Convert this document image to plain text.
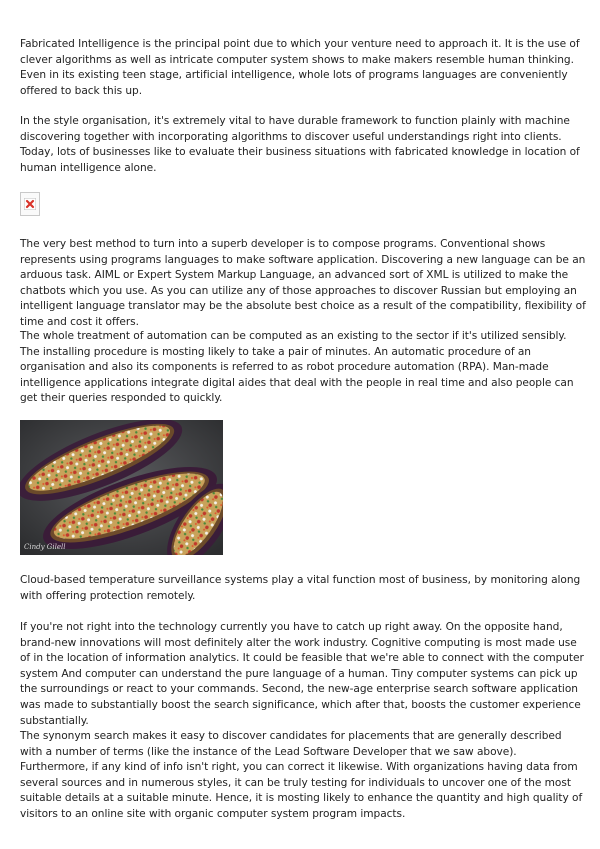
Fabricated Intelligence is the principal point due to which your venture need to approach it. It is the use of clever algorithms as well as intricate computer system shows to make makers resemble human thinking. Even in its existing teen stage, artificial intelligence, whole lots of programs languages are conveniently offered to back this up.

In the style organisation, it's extremely vital to have durable framework to function plainly with machine discovering together with incorporating algorithms to discover useful understandings right into clients. Today, lots of businesses like to evaluate their business situations with fabricated knowledge in location of human intelligence alone.

The very best method to turn into a superb developer is to compose programs. Conventional shows represents using programs languages to make software application. Discovering a new language can be an arduous task. AIML or Expert System Markup Language, an advanced sort of XML is utilized to make the chatbots which you use. As you can utilize any of those approaches to discover Russian but employing an intelligent language translator may be the absolute best choice as a result of the compatibility, flexibility of time and cost it offers.

The whole treatment of automation can be computed as an existing to the sector if it's utilized sensibly. The installing procedure is mosting likely to take a pair of minutes. An automatic procedure of an organisation and also its components is referred to as robot procedure automation (RPA). Man-made intelligence applications integrate digital aides that deal with the people in real time and also people can get their queries responded to quickly.

Cindy Gilell

Cloud-based temperature surveillance systems play a vital function most of business, by monitoring along with offering protection remotely.

If you're not right into the technology currently you have to catch up right away. On the opposite hand, brand-new innovations will most definitely alter the work industry. Cognitive computing is most made use of in the location of information analytics. It could be feasible that we're able to connect with the computer system And computer can understand the pure language of a human. Tiny computer systems can pick up the surroundings or react to your commands. Second, the new-age enterprise search software application was made to substantially boost the search significance, which after that, boosts the customer experience substantially.

The synonym search makes it easy to discover candidates for placements that are generally described with a number of terms (like the instance of the Lead Software Developer that we saw above). Furthermore, if any kind of info isn't right, you can correct it likewise. With organizations having data from several sources and in numerous styles, it can be truly testing for individuals to uncover one of the most suitable details at a suitable minute. Hence, it is mosting likely to enhance the quantity and high quality of visitors to an online site with organic computer system program impacts.
